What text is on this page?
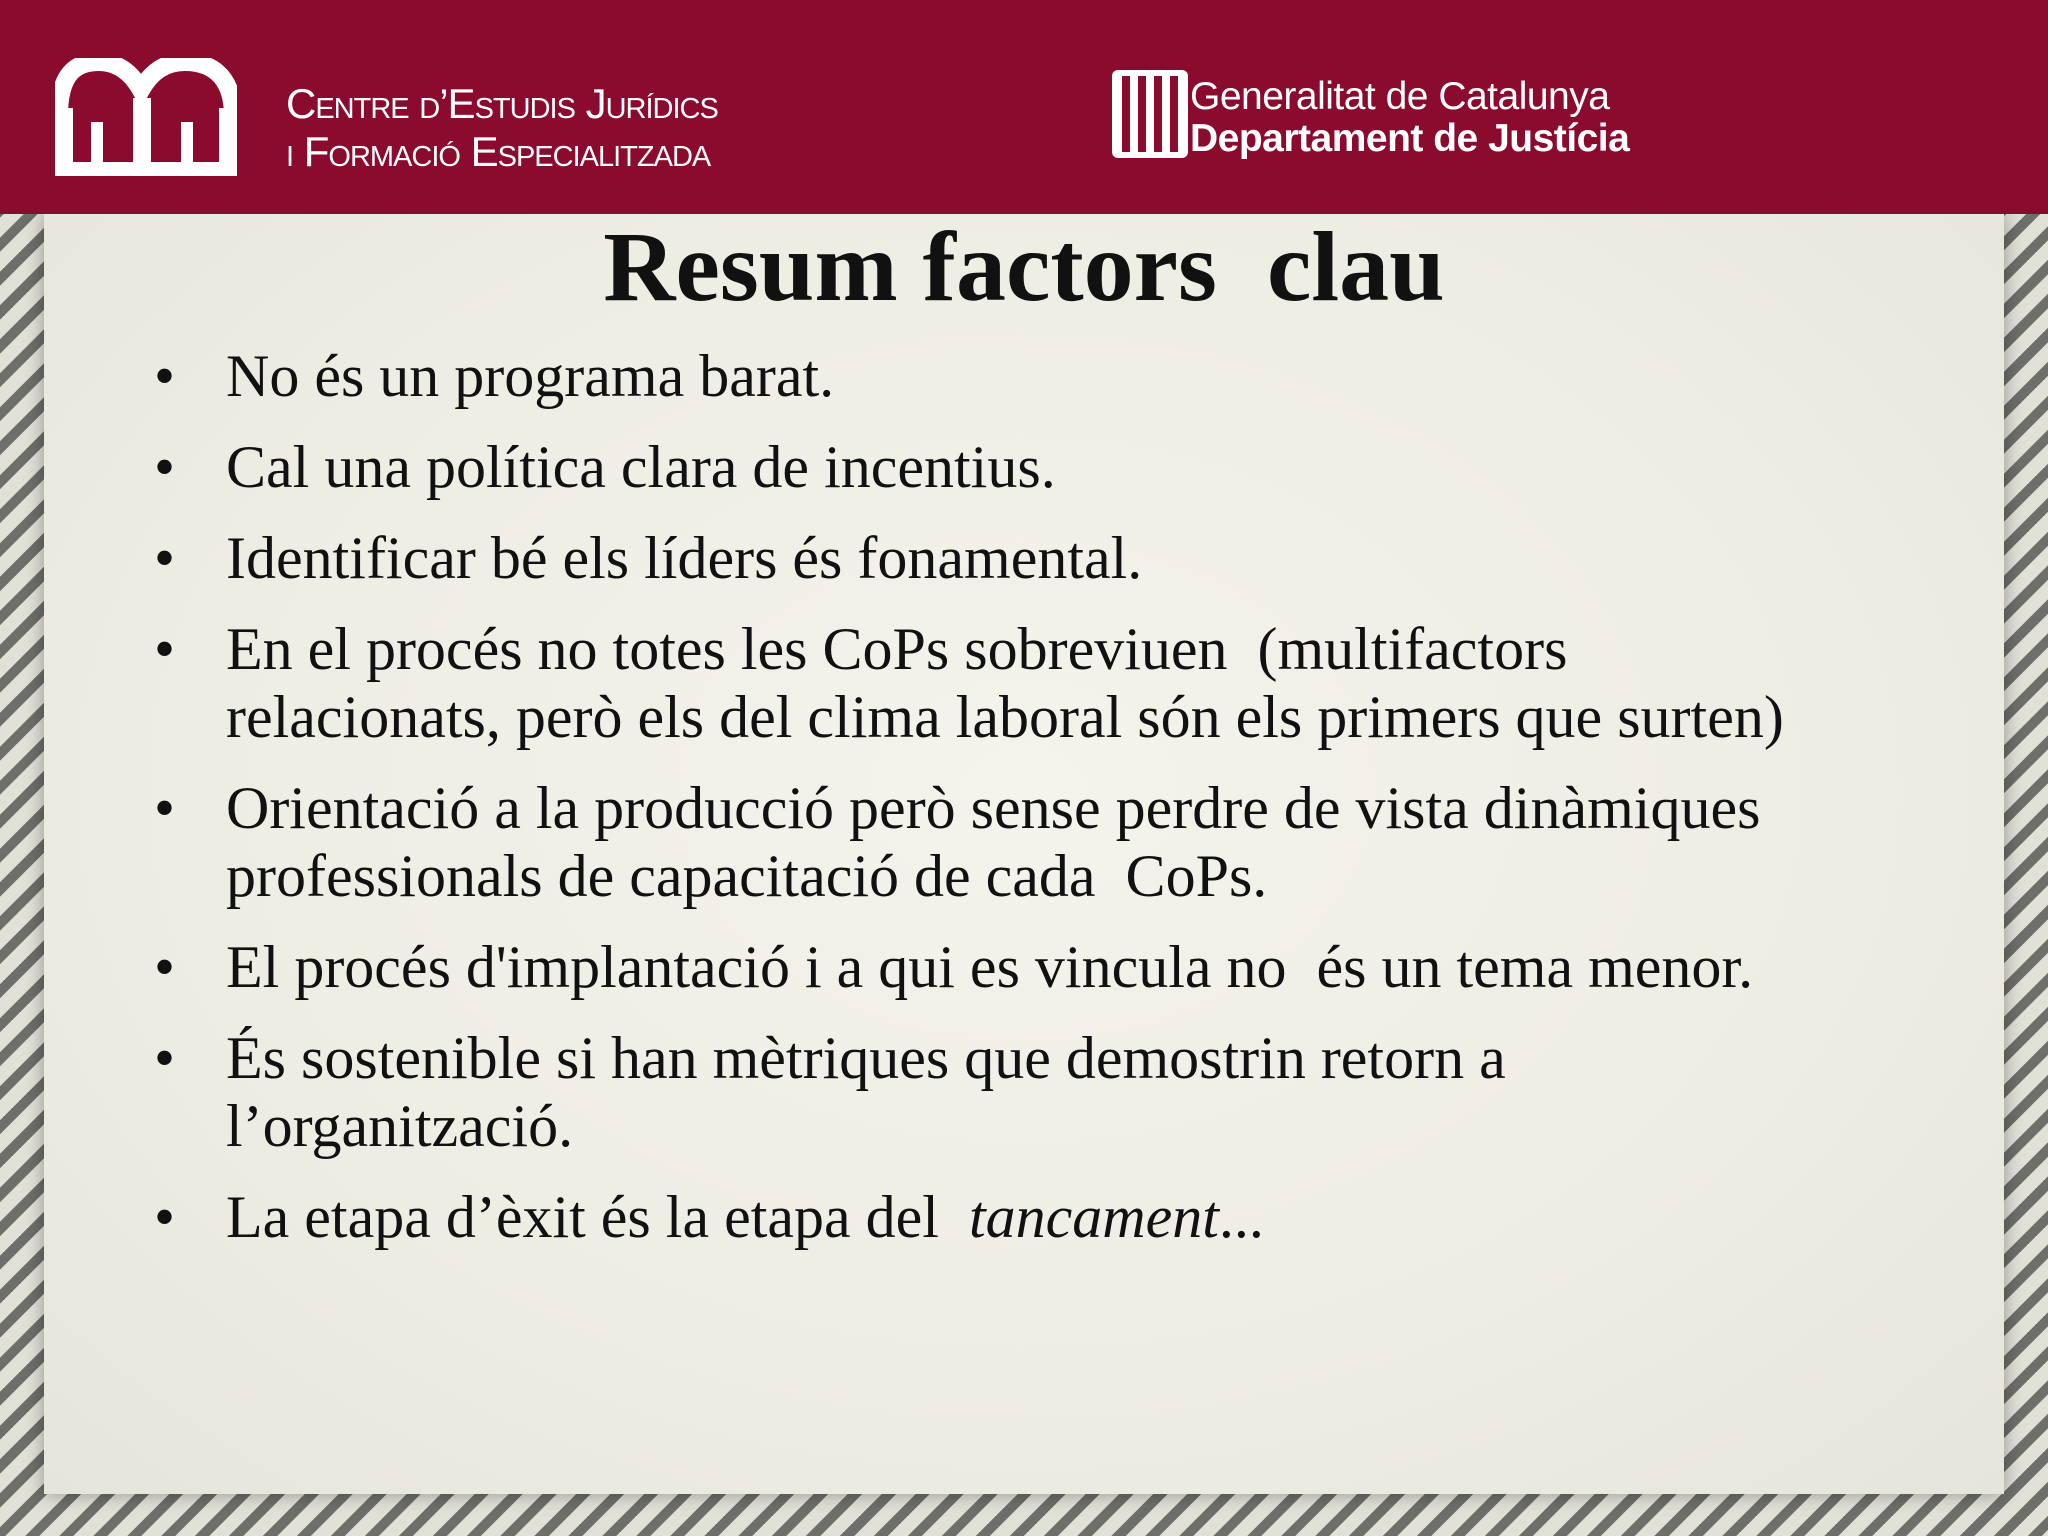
Centre d’Estudis Jurídics
i Formació Especialitzada
Generalitat de Catalunya
Departament de Justícia
Resum factors  clau
• No és un programa barat.
• Cal una política clara de incentius.
• Identificar bé els líders és fonamental.
• En el procés no totes les CoPs sobreviuen  (multifactors relacionats, però els del clima laboral són els primers que surten)
• Orientació a la producció però sense perdre de vista dinàmiques professionals de capacitació de cada  CoPs.
• El procés d'implantació i a qui es vincula no  és un tema menor.
• És sostenible si han mètriques que demostrin retorn a l’organització.
• La etapa d’èxit és la etapa del  tancament...
